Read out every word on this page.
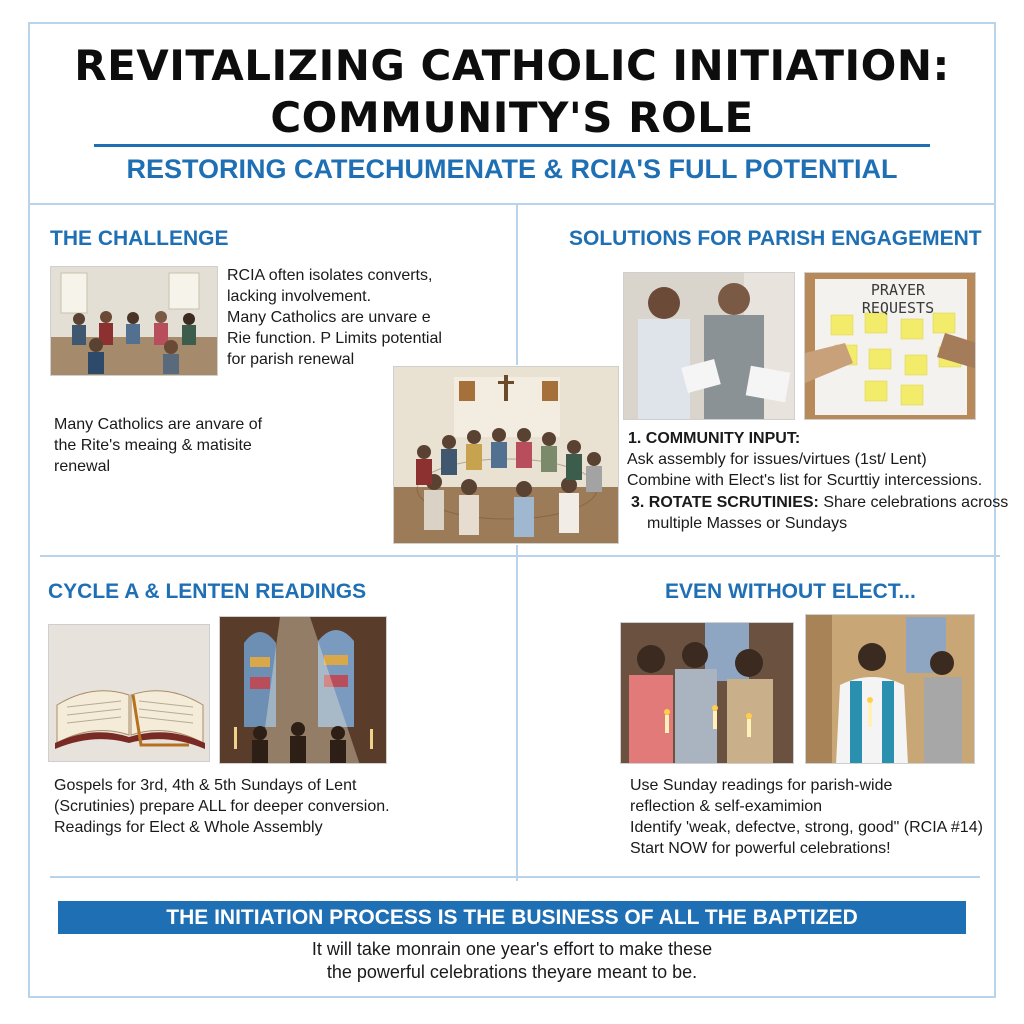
REVITALIZING CATHOLIC INITIATION:
COMMUNITY'S ROLE
RESTORING CATECHUMENATE & RCIA'S FULL POTENTIAL
THE CHALLENGE
RCIA often isolates converts,
lacking involvement.
Many Catholics are unvare e
Rie function. P Limits potential
for parish renewal
Many Catholics are anvare of
the Rite's meaing & matisite
renewal
SOLUTIONS FOR PARISH ENGAGEMENT
PRAYER REQUESTS
1. COMMUNITY INPUT:
Ask assembly for issues/virtues (1st/ Lent)
Combine with Elect's list for Scurttiy intercessions.
3. ROTATE SCRUTINIES: Share celebrations across
multiple Masses or Sundays
CYCLE A & LENTEN READINGS
Gospels for 3rd, 4th & 5th Sundays of Lent
(Scrutinies) prepare ALL for deeper conversion.
Readings for Elect & Whole Assembly
EVEN WITHOUT ELECT...
Use Sunday readings for parish-wide
reflection & self-examimion
Identify 'weak, defectve, strong, good" (RCIA #14)
Start NOW for powerful celebrations!
THE INITIATION PROCESS IS THE BUSINESS OF ALL THE BAPTIZED
It will take monrain one year's effort to make these
the powerful celebrations theyare meant to be.
